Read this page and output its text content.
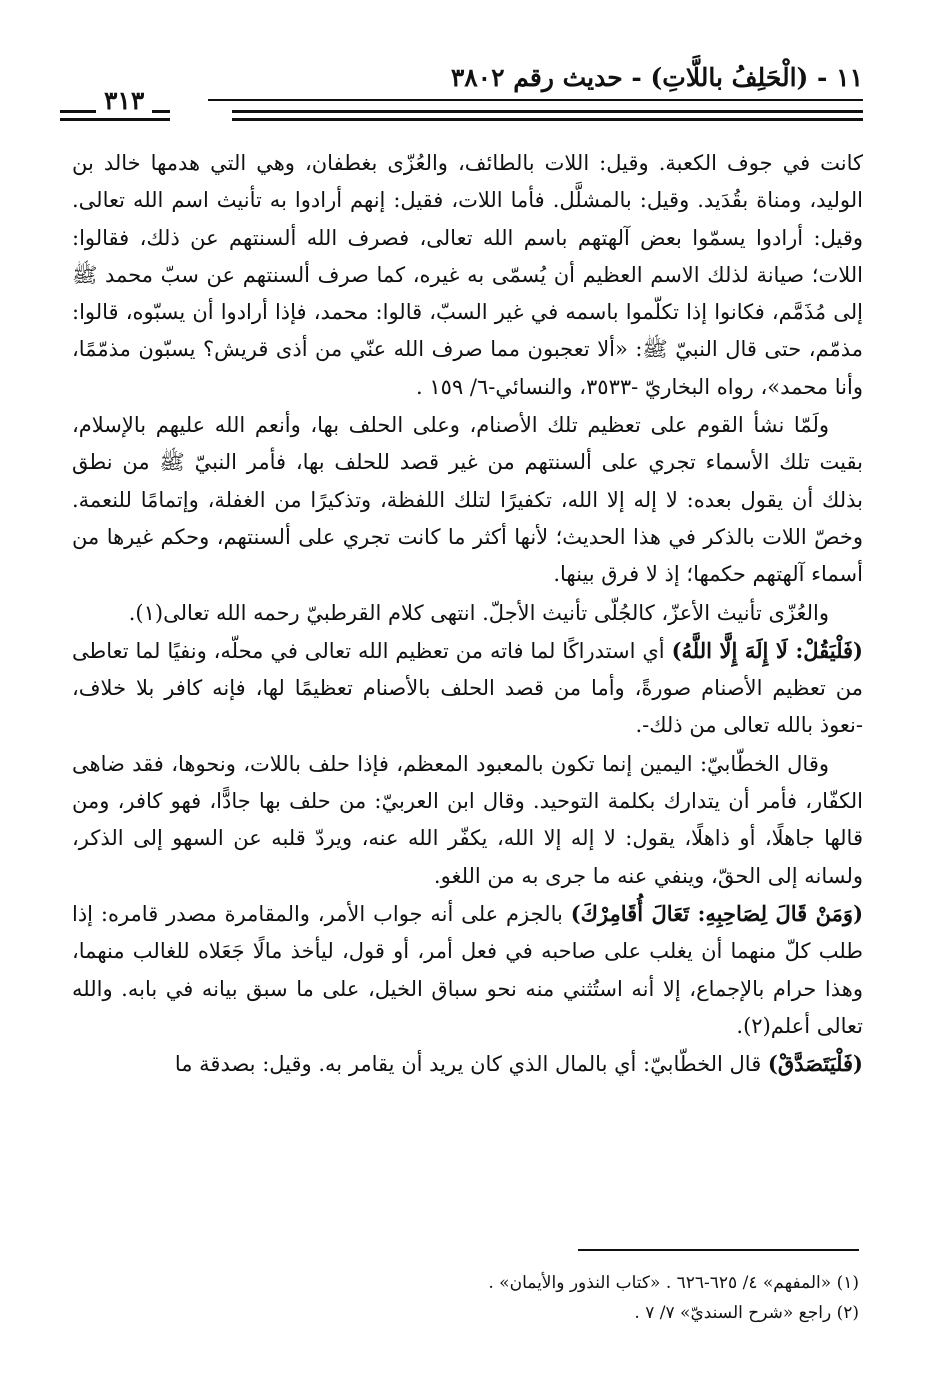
١١ - (الْحَلِفُ باللَّاتِ) - حديث رقم ٣٨٠٢
٣١٣

كانت في جوف الكعبة. وقيل: اللات بالطائف، والعُزّى بغطفان، وهي التي هدمها خالد بن الوليد، ومناة بقُدَيد. وقيل: بالمشلَّل. فأما اللات، فقيل: إنهم أرادوا به تأنيث اسم الله تعالى. وقيل: أرادوا يسمّوا بعض آلهتهم باسم الله تعالى، فصرف الله ألسنتهم عن ذلك، فقالوا: اللات؛ صيانة لذلك الاسم العظيم أن يُسمّى به غيره، كما صرف ألسنتهم عن سبّ محمد ﷺ إلى مُذَمَّم، فكانوا إذا تكلّموا باسمه في غير السبّ، قالوا: محمد، فإذا أرادوا أن يسبّوه، قالوا: مذمّم، حتى قال النبيّ ﷺ: «ألا تعجبون مما صرف الله عنّي من أذى قريش؟ يسبّون مذمّمًا، وأنا محمد»، رواه البخاريّ -٣٥٣٣، والنسائي-٦/ ١٥٩ .

ولَمّا نشأ القوم على تعظيم تلك الأصنام، وعلى الحلف بها، وأنعم الله عليهم بالإسلام، بقيت تلك الأسماء تجري على ألسنتهم من غير قصد للحلف بها، فأمر النبيّ ﷺ من نطق بذلك أن يقول بعده: لا إله إلا الله، تكفيرًا لتلك اللفظة، وتذكيرًا من الغفلة، وإتمامًا للنعمة. وخصّ اللات بالذكر في هذا الحديث؛ لأنها أكثر ما كانت تجري على ألسنتهم، وحكم غيرها من أسماء آلهتهم حكمها؛ إذ لا فرق بينها.

والعُزّى تأنيث الأعزّ، كالجُلّى تأنيث الأجلّ. انتهى كلام القرطبيّ رحمه الله تعالى(١).

(فَلْيَقُلْ: لَا إِلَهَ إِلَّا اللَّهُ) أي استدراكًا لما فاته من تعظيم الله تعالى في محلّه، ونفيًا لما تعاطى من تعظيم الأصنام صورةً، وأما من قصد الحلف بالأصنام تعظيمًا لها، فإنه كافر بلا خلاف، -نعوذ بالله تعالى من ذلك-.

وقال الخطّابيّ: اليمين إنما تكون بالمعبود المعظم، فإذا حلف باللات، ونحوها، فقد ضاهى الكفّار، فأمر أن يتدارك بكلمة التوحيد. وقال ابن العربيّ: من حلف بها جادًّا، فهو كافر، ومن قالها جاهلًا، أو ذاهلًا، يقول: لا إله إلا الله، يكفّر الله عنه، ويردّ قلبه عن السهو إلى الذكر، ولسانه إلى الحقّ، وينفي عنه ما جرى به من اللغو.

(وَمَنْ قَالَ لِصَاحِبِهِ: تَعَالَ أُقَامِرْكَ) بالجزم على أنه جواب الأمر، والمقامرة مصدر قامره: إذا طلب كلّ منهما أن يغلب على صاحبه في فعل أمر، أو قول، ليأخذ مالًا جَعَلاه للغالب منهما، وهذا حرام بالإجماع، إلا أنه استُثني منه نحو سباق الخيل، على ما سبق بيانه في بابه. والله تعالى أعلم(٢).

(فَلْيَتَصَدَّقْ) قال الخطّابيّ: أي بالمال الذي كان يريد أن يقامر به. وقيل: بصدقة ما

(١) «المفهم» ٤/ ٦٢٥-٦٢٦ . «كتاب النذور والأيمان» .

(٢) راجع «شرح السنديّ» ٧/ ٧ .
